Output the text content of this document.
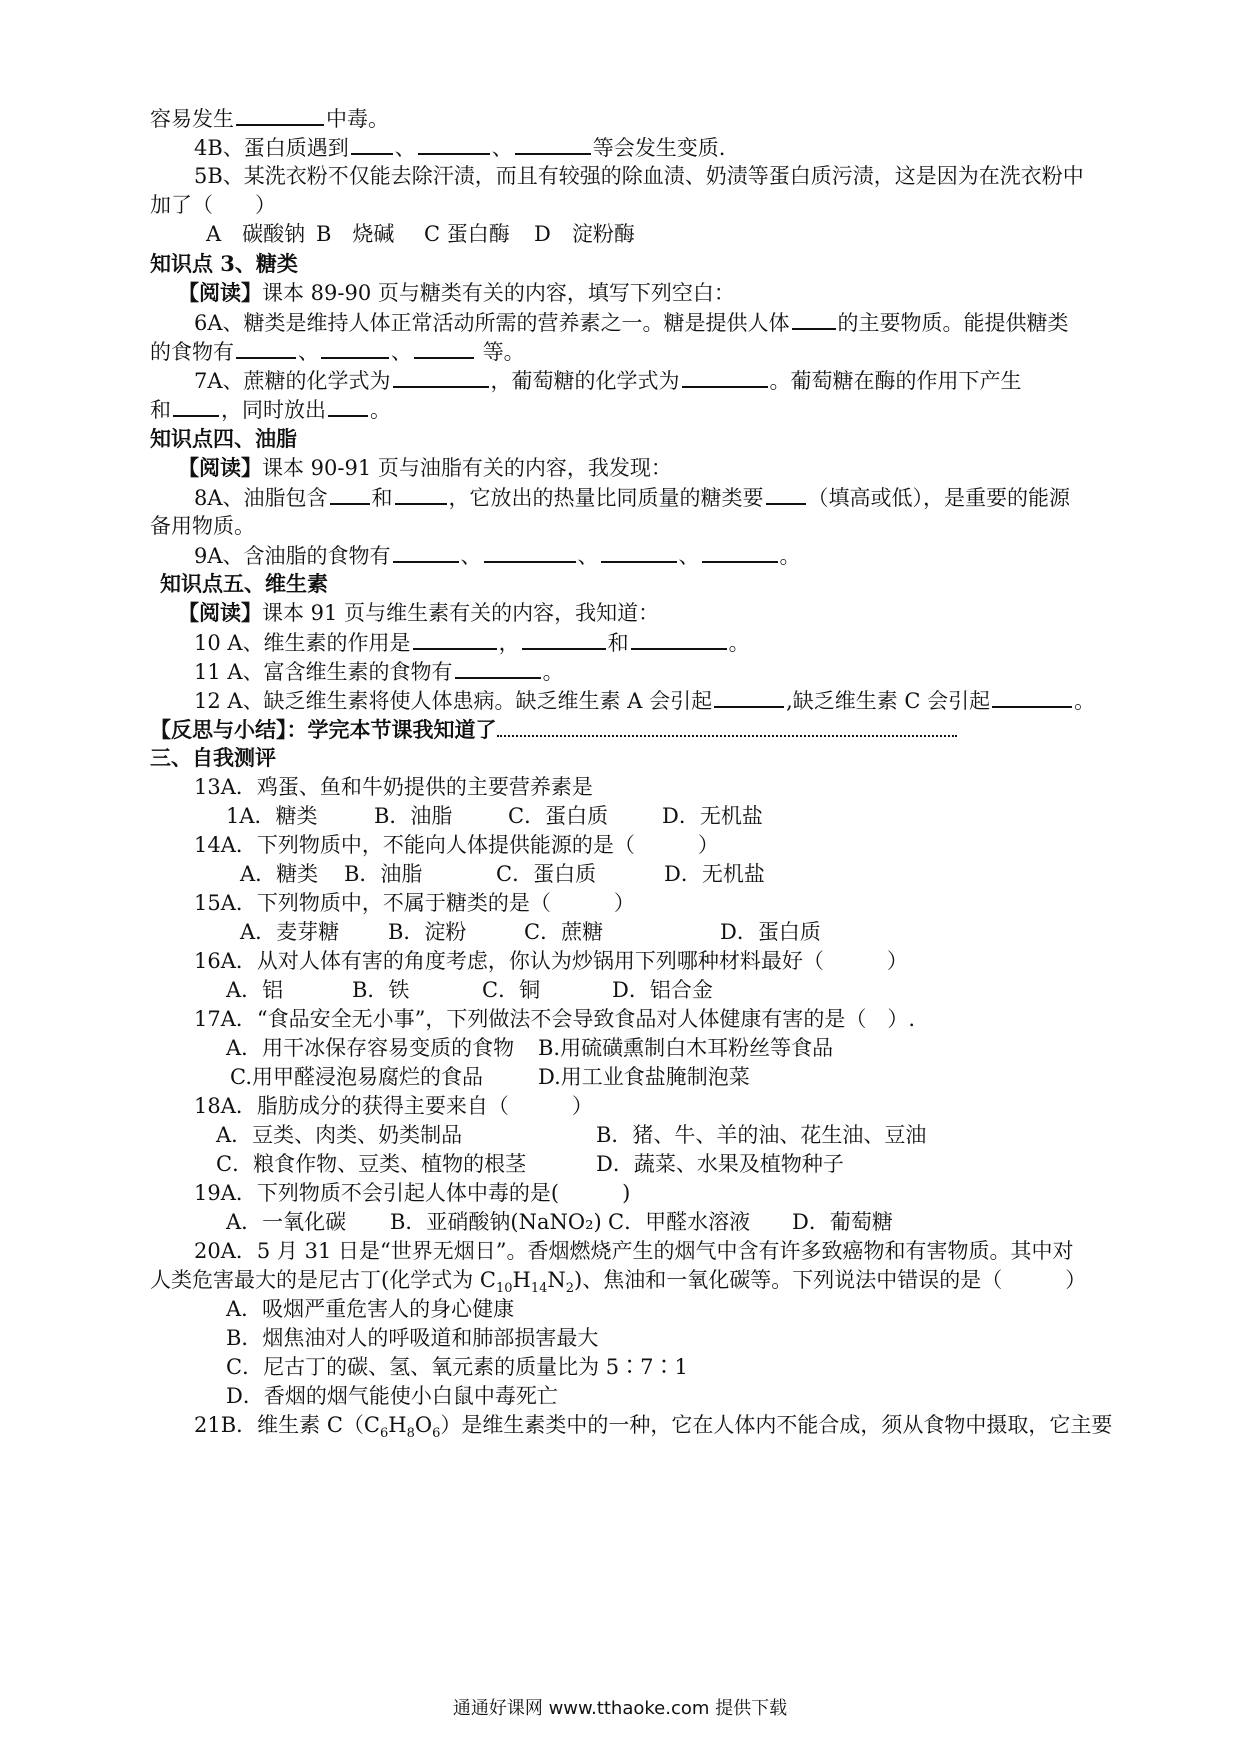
容易发生	中毒。
4B、蛋白质遇到 、	、	等会发生变质.
5B、某洗衣粉不仅能去除汗渍，而且有较强的除血渍、奶渍等蛋白质污渍，这是因为在洗衣粉中
加了（　　）
A　碳酸钠 B　烧碱 C 蛋白酶 D　淀粉酶
知识点 3、糖类
【阅读】课本 89-90 页与糖类有关的内容，填写下列空白：
6A、糖类是维持人体正常活动所需的营养素之一。糖是提供人体 的主要物质。能提供糖类
的食物有	、	、	等。
7A、蔗糖的化学式为	，葡萄糖的化学式为	。葡萄糖在酶的作用下产生
和 ，同时放出 。
知识点四、油脂
【阅读】课本 90-91 页与油脂有关的内容，我发现：
8A、油脂包含 和	，它放出的热量比同质量的糖类要 （填高或低），是重要的能源
备用物质。
9A、含油脂的食物有	、	、	、	。
知识点五、维生素
【阅读】课本 91 页与维生素有关的内容，我知道：
10 A、维生素的作用是	，	和	。
11 A、富含维生素的食物有	。
12 A、缺乏维生素将使人体患病。缺乏维生素 A 会引起	,缺乏维生素 C 会引起	。
【反思与小结】：学完本节课我知道了
三、自我测评
13A．鸡蛋、鱼和牛奶提供的主要营养素是
1A．糖类	B．油脂	C．蛋白质	D．无机盐
14A．下列物质中，不能向人体提供能源的是（　　　）
A．糖类 B．油脂	C．蛋白质	D．无机盐
15A．下列物质中，不属于糖类的是（　　　）
A．麦芽糖 B．淀粉	C．蔗糖	D．蛋白质
16A．从对人体有害的角度考虑，你认为炒锅用下列哪种材料最好（　　　）
A．铝	B．铁	C．铜	D．铝合金
17A．“食品安全无小事”，下列做法不会导致食品对人体健康有害的是（　）.
A．用干冰保存容易变质的食物 B.用硫磺熏制白木耳粉丝等食品
C.用甲醛浸泡易腐烂的食品	D.用工业食盐腌制泡菜
18A．脂肪成分的获得主要来自（　　　）
A．豆类、肉类、奶类制品	B．猪、牛、羊的油、花生油、豆油
C．粮食作物、豆类、植物的根茎	D．蔬菜、水果及植物种子
19A．下列物质不会引起人体中毒的是(　　　)
A．一氧化碳 B．亚硝酸钠(NaNO₂) C．甲醛水溶液 D．葡萄糖
20A．5 月 31 日是“世界无烟日”。香烟燃烧产生的烟气中含有许多致癌物和有害物质。其中对
人类危害最大的是尼古丁(化学式为 $C_{10}H_{14}N_2$)、焦油和一氧化碳等。下列说法中错误的是（　　　）
A．吸烟严重危害人的身心健康
B．烟焦油对人的呼吸道和肺部损害最大
C．尼古丁的碳、氢、氧元素的质量比为 5∶7∶1
D．香烟的烟气能使小白鼠中毒死亡
21B．维生素 $C(C_6H_8O_6)$是维生素类中的一种，它在人体内不能合成，须从食物中摄取，它主要
通通好课网 www.tthaoke.com 提供下载
